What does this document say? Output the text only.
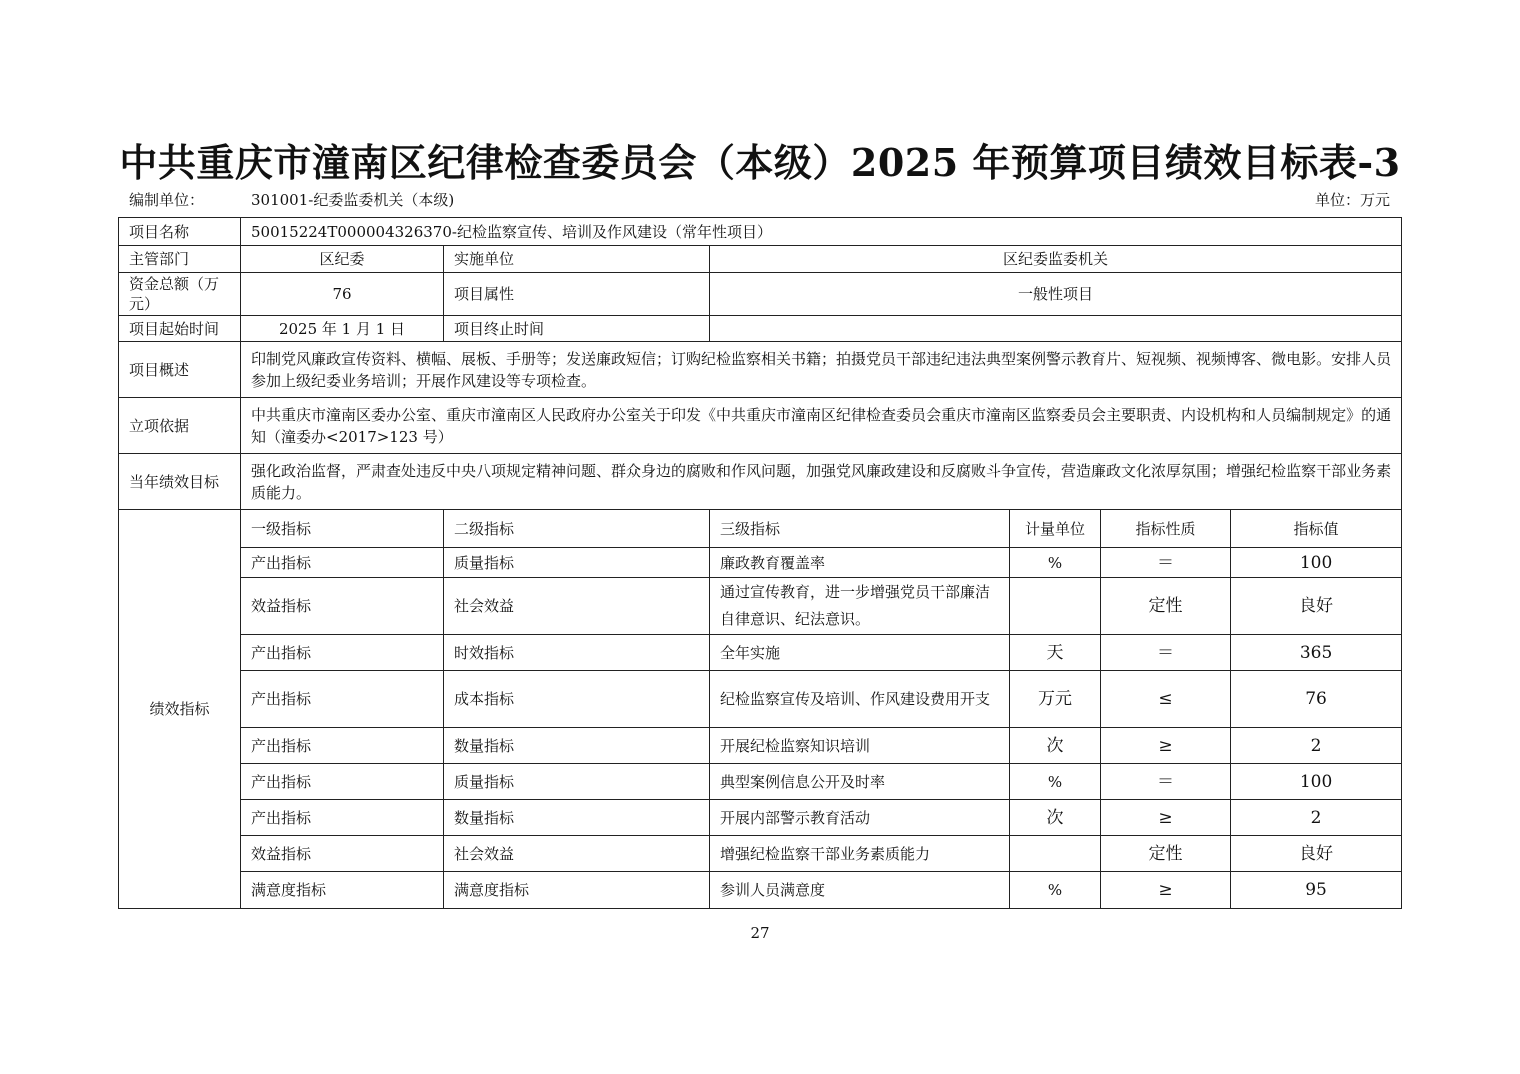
中共重庆市潼南区纪律检查委员会（本级）2025 年预算项目绩效目标表-3
编制单位：	301001-纪委监委机关（本级)	单位：万元
项目名称	50015224T000004326370-纪检监察宣传、培训及作风建设（常年性项目）					
主管部门	区纪委	实施单位	区纪委监委机关			
资金总额（万元）	76	项目属性	一般性项目			
项目起始时间	2025 年 1 月 1 日	项目终止时间				
项目概述	印制党风廉政宣传资料、横幅、展板、手册等；发送廉政短信；订购纪检监察相关书籍；拍摄党员干部违纪违法典型案例警示教育片、短视频、视频博客、微电影。安排人员参加上级纪委业务培训；开展作风建设等专项检查。					
立项依据	中共重庆市潼南区委办公室、重庆市潼南区人民政府办公室关于印发《中共重庆市潼南区纪律检查委员会重庆市潼南区监察委员会主要职责、内设机构和人员编制规定》的通知（潼委办<2017>123 号）					
当年绩效目标	强化政治监督，严肃查处违反中央八项规定精神问题、群众身边的腐败和作风问题，加强党风廉政建设和反腐败斗争宣传，营造廉政文化浓厚氛围；增强纪检监察干部业务素质能力。					
绩效指标	一级指标	二级指标	三级指标	计量单位	指标性质	指标值
	产出指标	质量指标	廉政教育覆盖率	%	＝	100
	效益指标	社会效益	通过宣传教育，进一步增强党员干部廉洁自律意识、纪法意识。		定性	良好
	产出指标	时效指标	全年实施	天	＝	365
	产出指标	成本指标	纪检监察宣传及培训、作风建设费用开支	万元	≤	76
	产出指标	数量指标	开展纪检监察知识培训	次	≥	2
	产出指标	质量指标	典型案例信息公开及时率	%	＝	100
	产出指标	数量指标	开展内部警示教育活动	次	≥	2
	效益指标	社会效益	增强纪检监察干部业务素质能力		定性	良好
	满意度指标	满意度指标	参训人员满意度	%	≥	95
27
